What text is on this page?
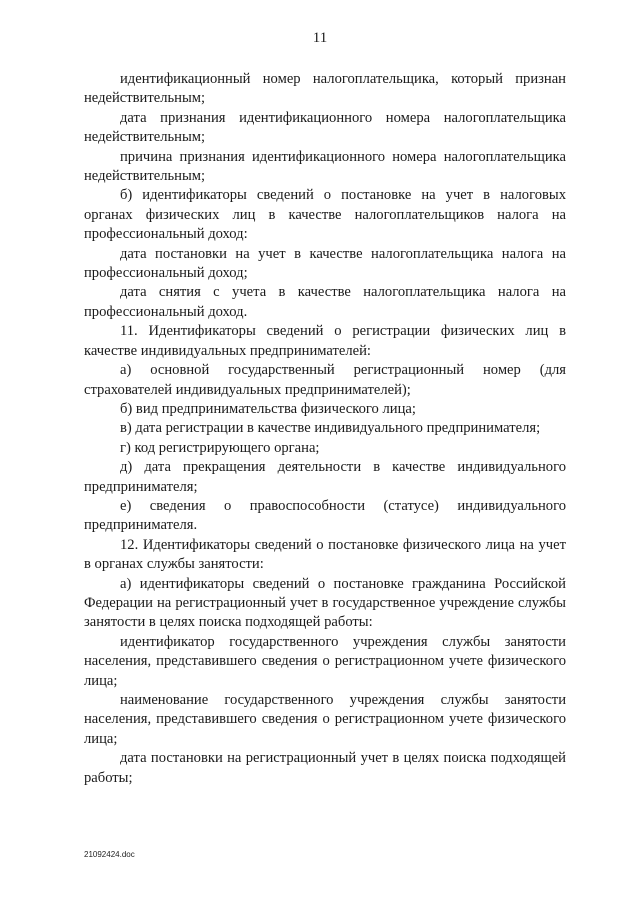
11

идентификационный номер налогоплательщика, который признан недействительным;

дата признания идентификационного номера налогоплательщика недействительным;

причина признания идентификационного номера налогоплательщика недействительным;

б) идентификаторы сведений о постановке на учет в налоговых органах физических лиц в качестве налогоплательщиков налога на профессиональный доход:

дата постановки на учет в качестве налогоплательщика налога на профессиональный доход;

дата снятия с учета в качестве налогоплательщика налога на профессиональный доход.

11. Идентификаторы сведений о регистрации физических лиц в качестве индивидуальных предпринимателей:

а) основной государственный регистрационный номер (для страхователей индивидуальных предпринимателей);

б) вид предпринимательства физического лица;

в) дата регистрации в качестве индивидуального предпринимателя;

г) код регистрирующего органа;

д) дата прекращения деятельности в качестве индивидуального предпринимателя;

е) сведения о правоспособности (статусе) индивидуального предпринимателя.

12. Идентификаторы сведений о постановке физического лица на учет в органах службы занятости:

а) идентификаторы сведений о постановке гражданина Российской Федерации на регистрационный учет в государственное учреждение службы занятости в целях поиска подходящей работы:

идентификатор государственного учреждения службы занятости населения, представившего сведения о регистрационном учете физического лица;

наименование государственного учреждения службы занятости населения, представившего сведения о регистрационном учете физического лица;

дата постановки на регистрационный учет в целях поиска подходящей работы;

21092424.doc
